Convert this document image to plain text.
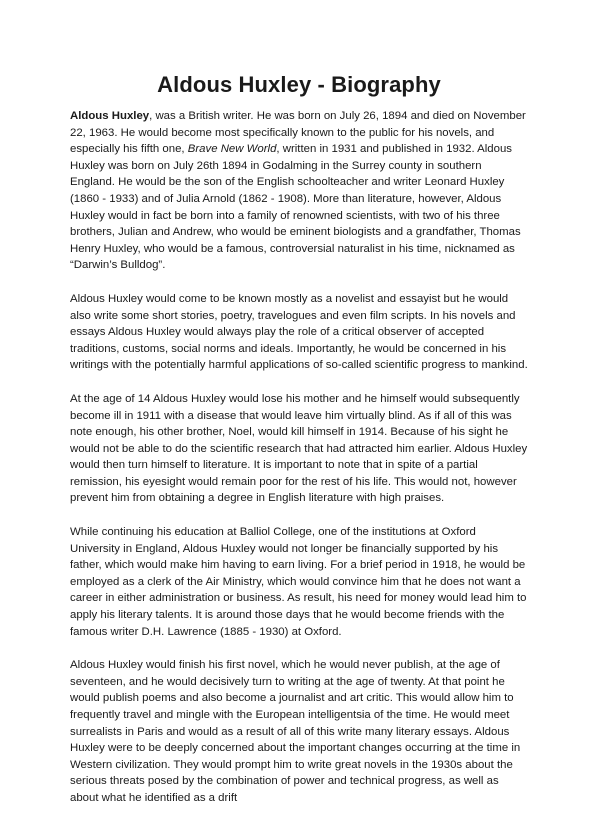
Aldous Huxley - Biography

Aldous Huxley, was a British writer. He was born on July 26, 1894 and died on November 22, 1963. He would become most specifically known to the public for his novels, and especially his fifth one, Brave New World, written in 1931 and published in 1932. Aldous Huxley was born on July 26th 1894 in Godalming in the Surrey county in southern England. He would be the son of the English schoolteacher and writer Leonard Huxley (1860 - 1933) and of Julia Arnold (1862 - 1908). More than literature, however, Aldous Huxley would in fact be born into a family of renowned scientists, with two of his three brothers, Julian and Andrew, who would be eminent biologists and a grandfather, Thomas Henry Huxley, who would be a famous, controversial naturalist in his time, nicknamed as “Darwin’s Bulldog”.

Aldous Huxley would come to be known mostly as a novelist and essayist but he would also write some short stories, poetry, travelogues and even film scripts. In his novels and essays Aldous Huxley would always play the role of a critical observer of accepted traditions, customs, social norms and ideals. Importantly, he would be concerned in his writings with the potentially harmful applications of so-called scientific progress to mankind.

At the age of 14 Aldous Huxley would lose his mother and he himself would subsequently become ill in 1911 with a disease that would leave him virtually blind. As if all of this was note enough, his other brother, Noel, would kill himself in 1914. Because of his sight he would not be able to do the scientific research that had attracted him earlier. Aldous Huxley would then turn himself to literature. It is important to note that in spite of a partial remission, his eyesight would remain poor for the rest of his life. This would not, however prevent him from obtaining a degree in English literature with high praises.

While continuing his education at Balliol College, one of the institutions at Oxford University in England, Aldous Huxley would not longer be financially supported by his father, which would make him having to earn living. For a brief period in 1918, he would be employed as a clerk of the Air Ministry, which would convince him that he does not want a career in either administration or business. As result, his need for money would lead him to apply his literary talents. It is around those days that he would become friends with the famous writer D.H. Lawrence (1885 - 1930) at Oxford.

Aldous Huxley would finish his first novel, which he would never publish, at the age of seventeen, and he would decisively turn to writing at the age of twenty. At that point he would publish poems and also become a journalist and art critic. This would allow him to frequently travel and mingle with the European intelligentsia of the time. He would meet surrealists in Paris and would as a result of all of this write many literary essays. Aldous Huxley were to be deeply concerned about the important changes occurring at the time in Western civilization. They would prompt him to write great novels in the 1930s about the serious threats posed by the combination of power and technical progress, as well as about what he identified as a drift
